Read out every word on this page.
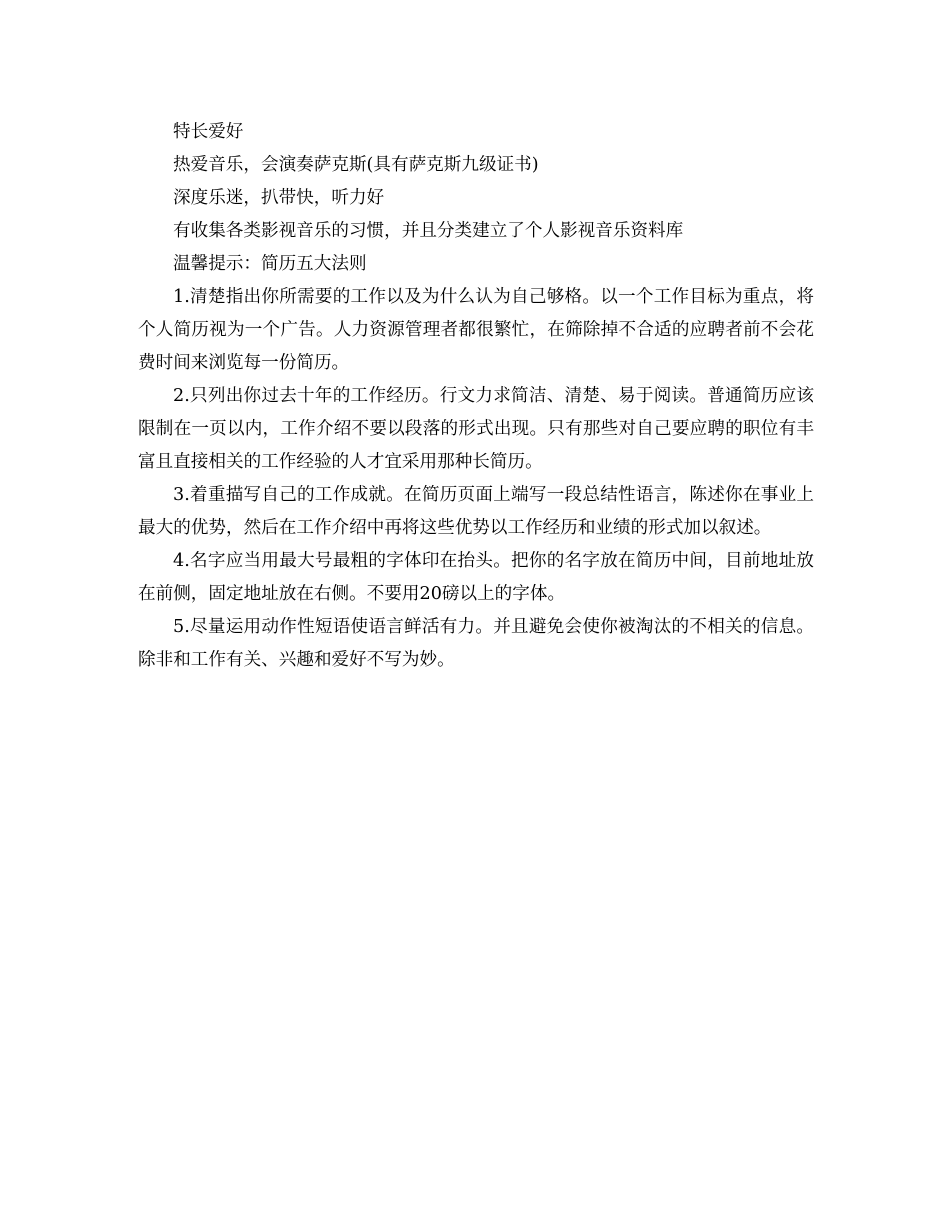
特长爱好

热爱音乐，会演奏萨克斯(具有萨克斯九级证书)

深度乐迷，扒带快，听力好

有收集各类影视音乐的习惯，并且分类建立了个人影视音乐资料库

温馨提示：简历五大法则

1.清楚指出你所需要的工作以及为什么认为自己够格。以一个工作目标为重点，将个人简历视为一个广告。人力资源管理者都很繁忙，在筛除掉不合适的应聘者前不会花费时间来浏览每一份简历。

2.只列出你过去十年的工作经历。行文力求简洁、清楚、易于阅读。普通简历应该限制在一页以内，工作介绍不要以段落的形式出现。只有那些对自己要应聘的职位有丰富且直接相关的工作经验的人才宜采用那种长简历。

3.着重描写自己的工作成就。在简历页面上端写一段总结性语言，陈述你在事业上最大的优势，然后在工作介绍中再将这些优势以工作经历和业绩的形式加以叙述。

4.名字应当用最大号最粗的字体印在抬头。把你的名字放在简历中间，目前地址放在前侧，固定地址放在右侧。不要用20磅以上的字体。

5.尽量运用动作性短语使语言鲜活有力。并且避免会使你被淘汰的不相关的信息。除非和工作有关、兴趣和爱好不写为妙。
